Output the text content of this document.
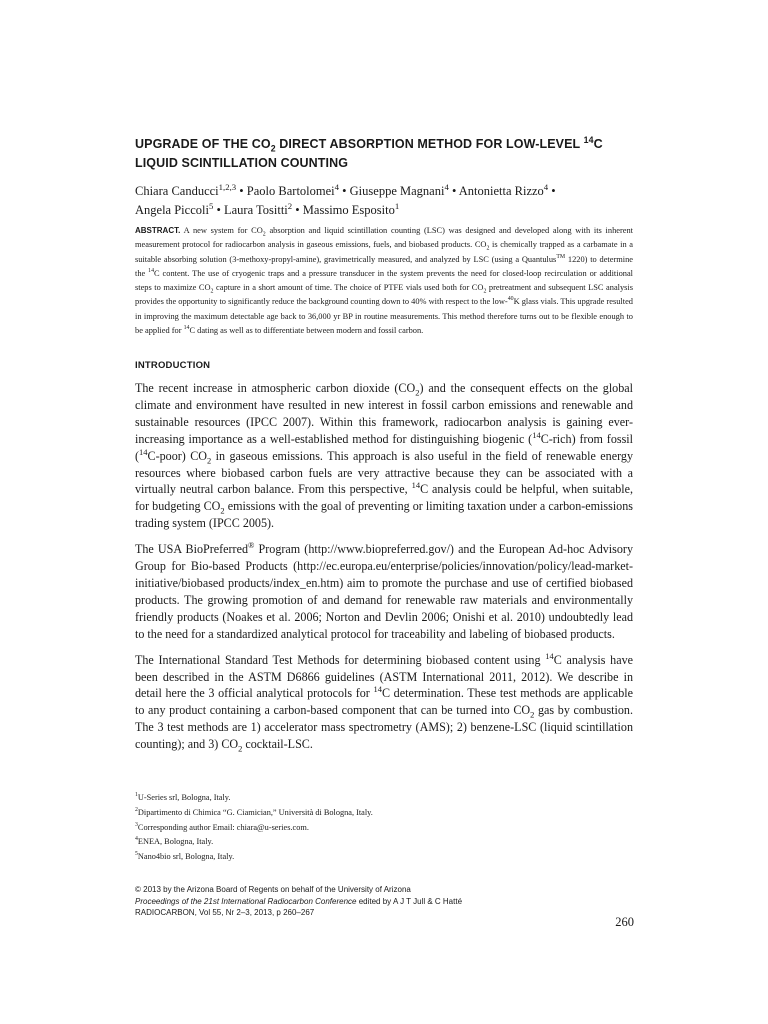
UPGRADE OF THE $CO_2$ DIRECT ABSORPTION METHOD FOR LOW-LEVEL $^{14}$C LIQUID SCINTILLATION COUNTING
Chiara Canducci$^{1,2,3}$ • Paolo Bartolomei$^4$ • Giuseppe Magnani$^4$ • Antonietta Rizzo$^4$ •
Angela Piccoli$^5$ • Laura Tositti$^2$ • Massimo Esposito$^1$
ABSTRACT. A new system for $CO_2$ absorption and liquid scintillation counting (LSC) was designed and developed along with its inherent measurement protocol for radiocarbon analysis in gaseous emissions, fuels, and biobased products. $CO_2$ is chemically trapped as a carbamate in a suitable absorbing solution (3-methoxy-propyl-amine), gravimetrically measured, and analyzed by LSC (using a Quantulus™ 1220) to determine the $^{14}$C content. The use of cryogenic traps and a pressure transducer in the system prevents the need for closed-loop recirculation or additional steps to maximize $CO_2$ capture in a short amount of time. The choice of PTFE vials used both for $CO_2$ pretreatment and subsequent LSC analysis provides the opportunity to significantly reduce the background counting down to 40% with respect to the low-$^{40}$K glass vials. This upgrade resulted in improving the maximum detectable age back to 36,000 yr BP in routine measurements. This method therefore turns out to be flexible enough to be applied for $^{14}$C dating as well as to differentiate between modern and fossil carbon.
INTRODUCTION

The recent increase in atmospheric carbon dioxide $(CO_2)$ and the consequent effects on the global climate and environment have resulted in new interest in fossil carbon emissions and renewable and sustainable resources (IPCC 2007). Within this framework, radiocarbon analysis is gaining ever-increasing importance as a well-established method for distinguishing biogenic ($^{14}$C-rich) from fossil ($^{14}$C-poor) $CO_2$ in gaseous emissions. This approach is also useful in the field of renewable energy resources where biobased carbon fuels are very attractive because they can be associated with a virtually neutral carbon balance. From this perspective, $^{14}$C analysis could be helpful, when suitable, for budgeting $CO_2$ emissions with the goal of preventing or limiting taxation under a carbon-emissions trading system (IPCC 2005).

The USA BioPreferred® Program (http://www.biopreferred.gov/) and the European Ad-hoc Advisory Group for Bio-based Products (http://ec.europa.eu/enterprise/policies/innovation/policy/lead-market-initiative/biobased products/index_en.htm) aim to promote the purchase and use of certified biobased products. The growing promotion of and demand for renewable raw materials and environmentally friendly products (Noakes et al. 2006; Norton and Devlin 2006; Onishi et al. 2010) undoubtedly lead to the need for a standardized analytical protocol for traceability and labeling of biobased products.

The International Standard Test Methods for determining biobased content using $^{14}$C analysis have been described in the ASTM D6866 guidelines (ASTM International 2011, 2012). We describe in detail here the 3 official analytical protocols for $^{14}$C determination. These test methods are applicable to any product containing a carbon-based component that can be turned into $CO_2$ gas by combustion. The 3 test methods are 1) accelerator mass spectrometry (AMS); 2) benzene-LSC (liquid scintillation counting); and 3) $CO_2$ cocktail-LSC.

$^1$U-Series srl, Bologna, Italy.
$^2$Dipartimento di Chimica “G. Ciamician,” Università di Bologna, Italy.
$^3$Corresponding author Email: chiara@u-series.com.
$^4$ENEA, Bologna, Italy.
$^5$Nano4bio srl, Bologna, Italy.
© 2013 by the Arizona Board of Regents on behalf of the University of Arizona
Proceedings of the 21st International Radiocarbon Conference edited by A J T Jull & C Hatté
RADIOCARBON, Vol 55, Nr 2–3, 2013, p 260–267
260
